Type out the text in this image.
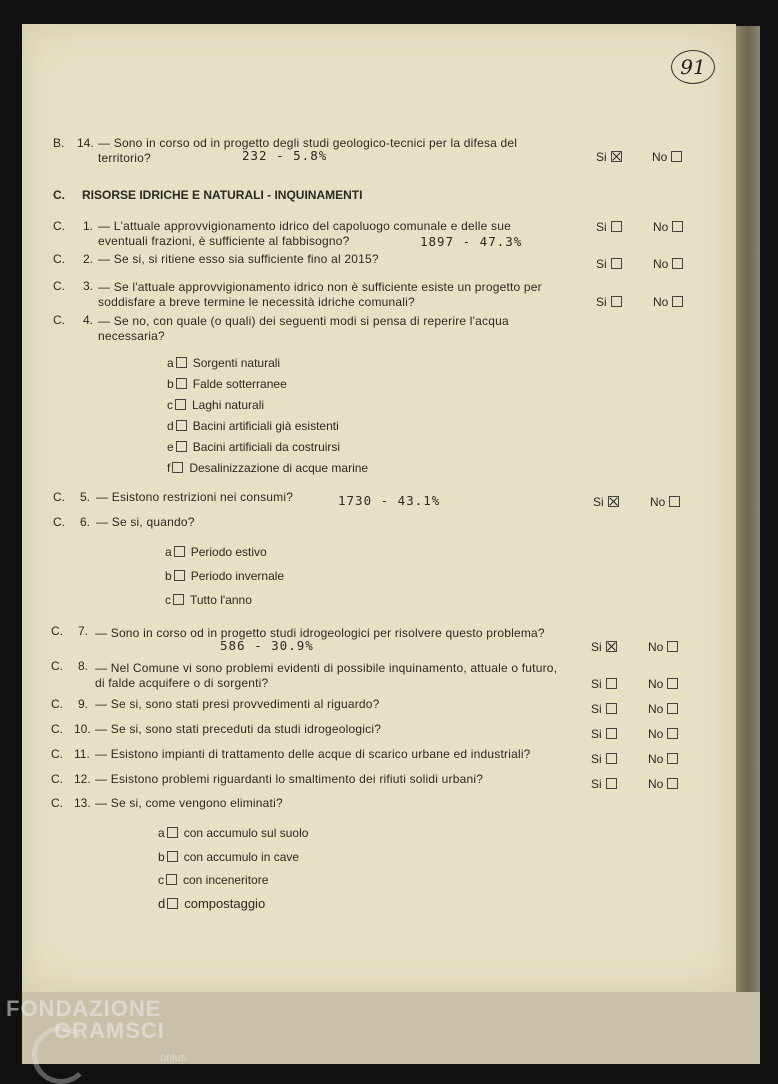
91
B. 14. — Sono in corso od in progetto degli studi geologico-tecnici per la difesa del territorio?	232 - 5.8%	Si	No
C. RISORSE IDRICHE E NATURALI - INQUINAMENTI
C. 1. — L'attuale approvvigionamento idrico del capoluogo comunale e delle sue eventuali frazioni, è sufficiente al fabbisogno?	1897 - 47.3%
Si	No
C. 2. — Se si, si ritiene esso sia sufficiente fino al 2015?	Si	No
C. 3. — Se l'attuale approvvigionamento idrico non è sufficiente esiste un progetto per soddisfare a breve termine le necessità idriche comunali?	Si	No
C. 4. — Se no, con quale (o quali) dei seguenti modi si pensa di reperire l'acqua necessaria?
a Sorgenti naturali
b Falde sotterranee
c Laghi naturali
d Bacini artificiali già esistenti
e Bacini artificiali da costruirsi
f Desalinizzazione di acque marine
C. 5. — Esistono restrizioni nei consumi?	1730 - 43.1%	Si	No
C. 6. — Se si, quando?
a Periodo estivo
b Periodo invernale
c Tutto l'anno
C. 7. — Sono in corso od in progetto studi idrogeologici per risolvere questo problema?
586 - 30.9%	Si	No
C. 8. — Nel Comune vi sono problemi evidenti di possibile inquinamento, attuale o futuro, di falde acquifere o di sorgenti?	Si	No
C. 9. — Se si, sono stati presi provvedimenti al riguardo?	Si	No
C. 10. — Se si, sono stati preceduti da studi idrogeologici?	Si	No
C. 11. — Esistono impianti di trattamento delle acque di scarico urbane ed industriali?	Si	No
C. 12. — Esistono problemi riguardanti lo smaltimento dei rifiuti solidi urbani?	Si	No
C. 13. — Se si, come vengono eliminati?
a con accumulo sul suolo
b con accumulo in cave
c con inceneritore
d compostaggio
FONDAZIONE
GRAMSCI
onlus
